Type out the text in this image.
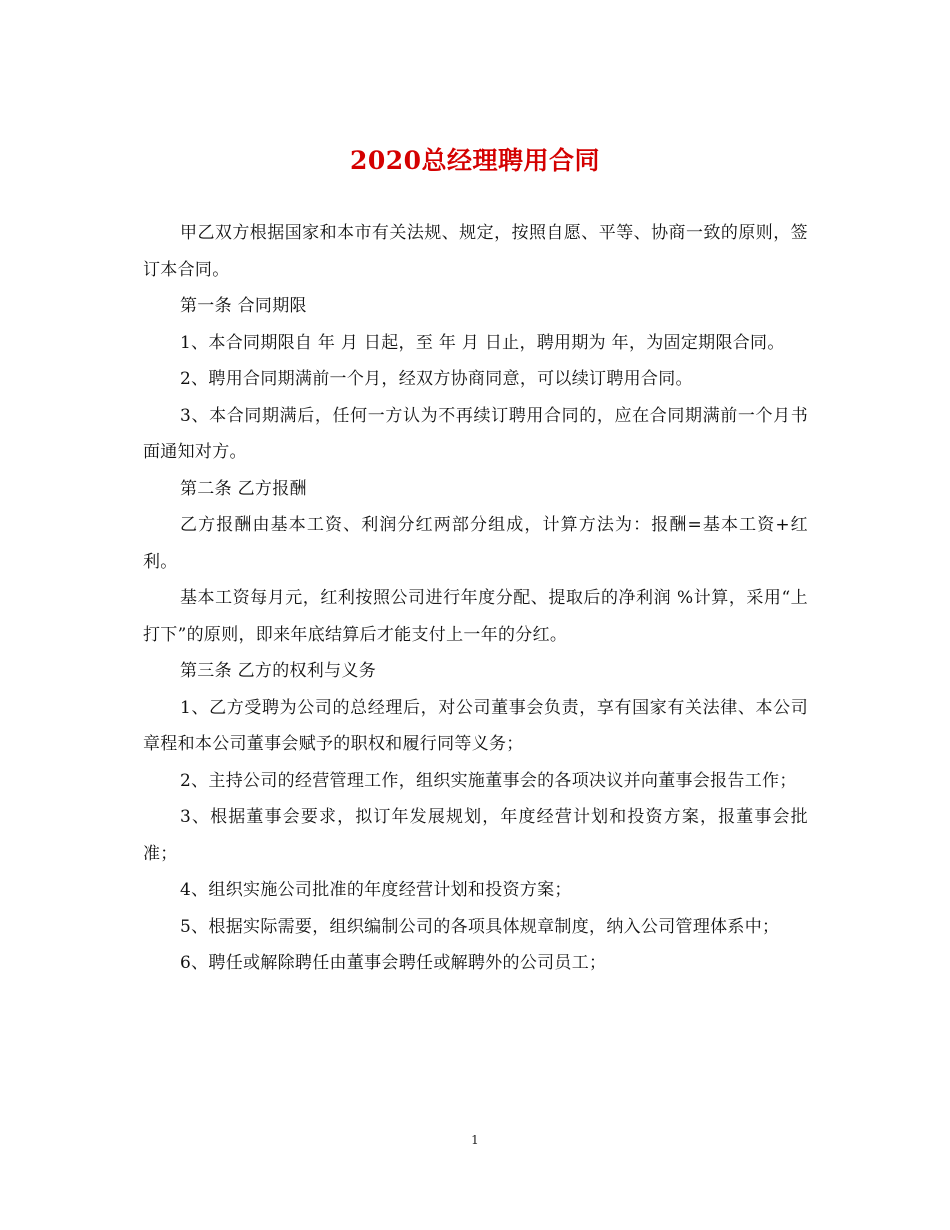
2020总经理聘用合同

甲乙双方根据国家和本市有关法规、规定，按照自愿、平等、协商一致的原则，签订本合同。

第一条 合同期限

1、本合同期限自 年 月 日起，至 年 月 日止，聘用期为 年，为固定期限合同。

2、聘用合同期满前一个月，经双方协商同意，可以续订聘用合同。

3、本合同期满后，任何一方认为不再续订聘用合同的，应在合同期满前一个月书面通知对方。

第二条 乙方报酬

乙方报酬由基本工资、利润分红两部分组成，计算方法为：报酬=基本工资+红利。

基本工资每月元，红利按照公司进行年度分配、提取后的净利润 %计算，采用“上打下”的原则，即来年底结算后才能支付上一年的分红。

第三条 乙方的权利与义务

1、乙方受聘为公司的总经理后，对公司董事会负责，享有国家有关法律、本公司章程和本公司董事会赋予的职权和履行同等义务；

2、主持公司的经营管理工作，组织实施董事会的各项决议并向董事会报告工作；

3、根据董事会要求，拟订年发展规划，年度经营计划和投资方案，报董事会批准；

4、组织实施公司批准的年度经营计划和投资方案；

5、根据实际需要，组织编制公司的各项具体规章制度，纳入公司管理体系中；

6、聘任或解除聘任由董事会聘任或解聘外的公司员工；

1
